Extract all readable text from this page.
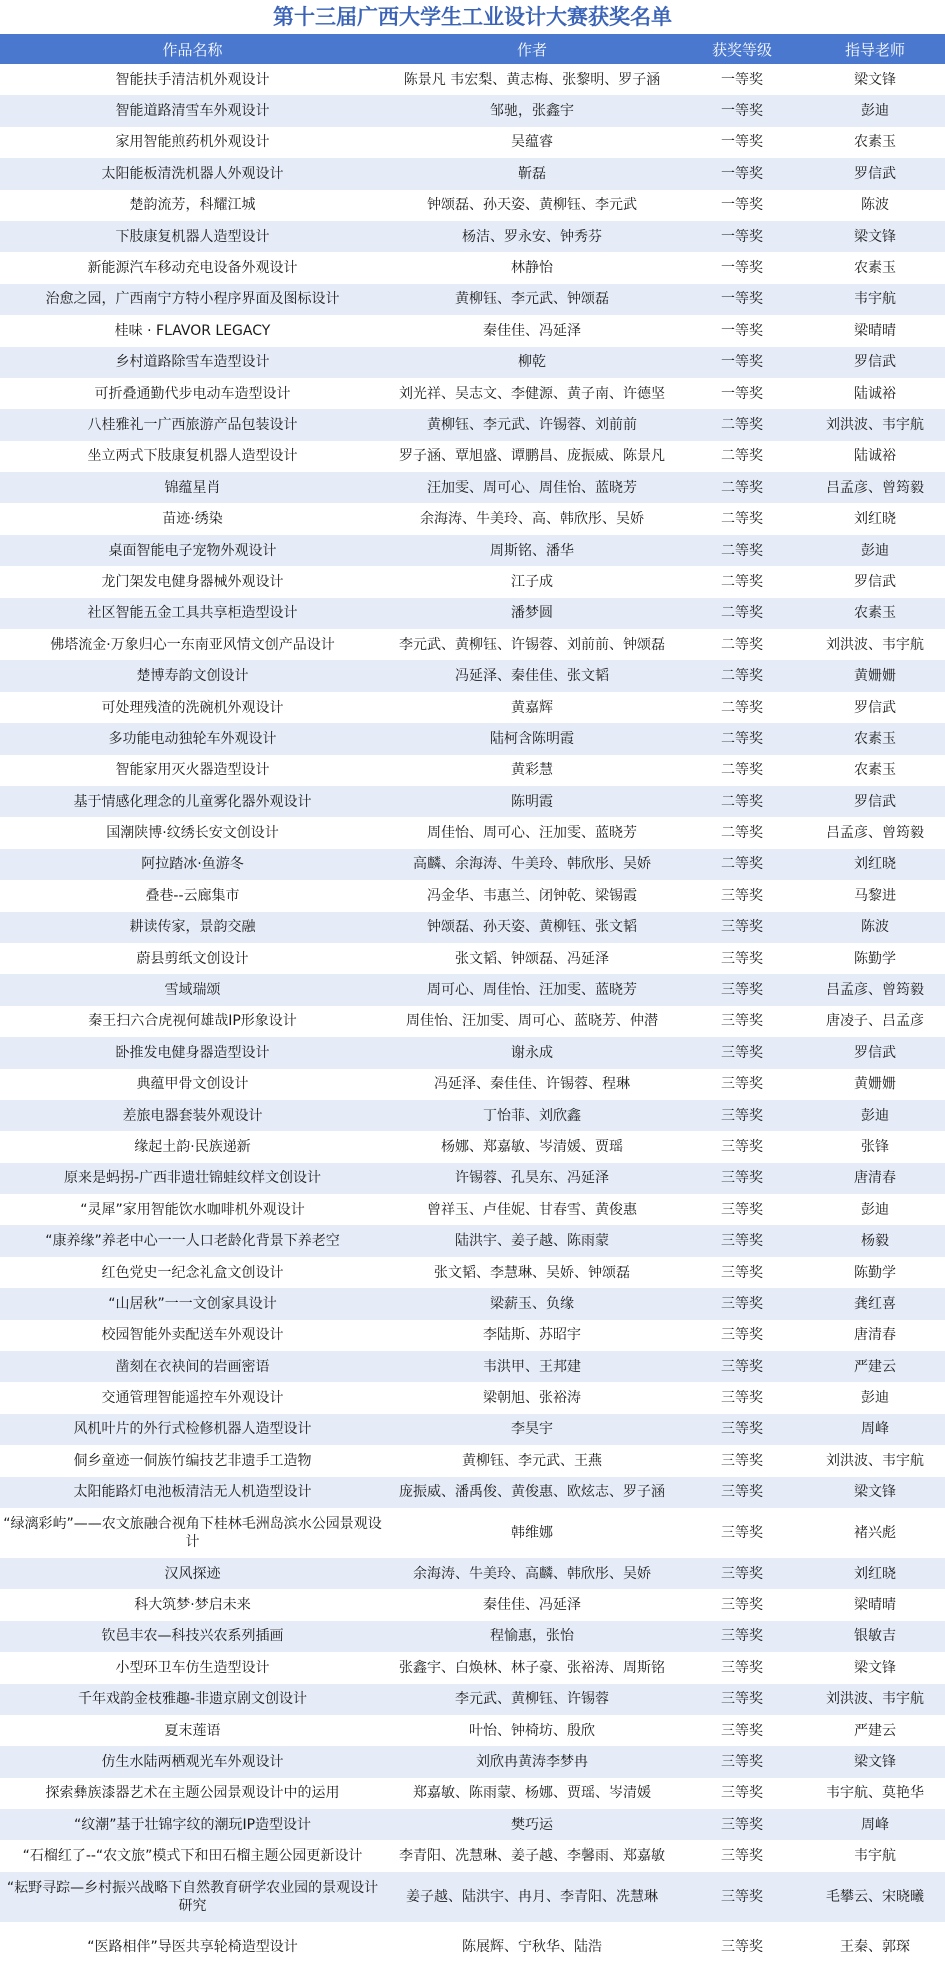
第十三届广西大学生工业设计大赛获奖名单
作品名称	作者	获奖等级	指导老师
智能扶手清洁机外观设计	陈景凡 韦宏梨、黄志梅、张黎明、罗子涵	一等奖	梁文锋
智能道路清雪车外观设计	邹驰，张鑫宇	一等奖	彭迪
家用智能煎药机外观设计	吴蕴睿	一等奖	农素玉
太阳能板清洗机器人外观设计	靳磊	一等奖	罗信武
楚韵流芳，科耀江城	钟颂磊、孙天姿、黄柳钰、李元武	一等奖	陈波
下肢康复机器人造型设计	杨洁、罗永安、钟秀芬	一等奖	梁文锋
新能源汽车移动充电设备外观设计	林静怡	一等奖	农素玉
治愈之园，广西南宁方特小程序界面及图标设计	黄柳钰、李元武、钟颂磊	一等奖	韦宇航
桂味 · FLAVOR LEGACY	秦佳佳、冯延泽	一等奖	梁晴晴
乡村道路除雪车造型设计	柳乾	一等奖	罗信武
可折叠通勤代步电动车造型设计	刘光祥、吴志文、李健源、黄子南、许德坚	一等奖	陆诚裕
八桂雅礼一广西旅游产品包装设计	黄柳钰、李元武、许锡蓉、刘前前	二等奖	刘洪波、韦宇航
坐立两式下肢康复机器人造型设计	罗子涵、覃旭盛、谭鹏昌、庞振威、陈景凡	二等奖	陆诚裕
锦蕴星肖	汪加雯、周可心、周佳怡、蓝晓芳	二等奖	吕孟彦、曾筠毅
苗迹·绣染	余海涛、牛美玲、高、韩欣彤、吴娇	二等奖	刘红晓
桌面智能电子宠物外观设计	周斯铭、潘华	二等奖	彭迪
龙门架发电健身器械外观设计	江子成	二等奖	罗信武
社区智能五金工具共享柜造型设计	潘梦圆	二等奖	农素玉
佛塔流金·万象归心一东南亚风情文创产品设计	李元武、黄柳钰、许锡蓉、刘前前、钟颂磊	二等奖	刘洪波、韦宇航
楚博寿韵文创设计	冯延泽、秦佳佳、张文韬	二等奖	黄姗姗
可处理残渣的洗碗机外观设计	黄嘉辉	二等奖	罗信武
多功能电动独轮车外观设计	陆柯含陈明霞	二等奖	农素玉
智能家用灭火器造型设计	黄彩慧	二等奖	农素玉
基于情感化理念的儿童雾化器外观设计	陈明霞	二等奖	罗信武
国潮陕博·纹绣长安文创设计	周佳怡、周可心、汪加雯、蓝晓芳	二等奖	吕孟彦、曾筠毅
阿拉踏冰·鱼游冬	高麟、余海涛、牛美玲、韩欣彤、吴娇	二等奖	刘红晓
叠巷--云廊集市	冯金华、韦惠兰、闭钟乾、梁锡霞	三等奖	马黎进
耕读传家，景韵交融	钟颂磊、孙天姿、黄柳钰、张文韬	三等奖	陈波
蔚县剪纸文创设计	张文韬、钟颂磊、冯延泽	三等奖	陈勤学
雪域瑞颂	周可心、周佳怡、汪加雯、蓝晓芳	三等奖	吕孟彦、曾筠毅
秦王扫六合虎视何雄哉IP形象设计	周佳怡、汪加雯、周可心、蓝晓芳、仲潜	三等奖	唐凌子、吕孟彦
卧推发电健身器造型设计	谢永成	三等奖	罗信武
典蕴甲骨文创设计	冯延泽、秦佳佳、许锡蓉、程琳	三等奖	黄姗姗
差旅电器套装外观设计	丁怡菲、刘欣鑫	三等奖	彭迪
缘起土韵·民族递新	杨娜、郑嘉敏、岑清媛、贾瑶	三等奖	张锋
原来是蚂拐-广西非遗壮锦蛙纹样文创设计	许锡蓉、孔昊东、冯延泽	三等奖	唐清春
“灵犀”家用智能饮水咖啡机外观设计	曾祥玉、卢佳妮、甘春雪、黄俊惠	三等奖	彭迪
“康养缘”养老中心一一人口老龄化背景下养老空	陆洪宇、姜子越、陈雨蒙	三等奖	杨毅
红色党史一纪念礼盒文创设计	张文韬、李慧琳、吴娇、钟颂磊	三等奖	陈勤学
“山居秋”一一文创家具设计	梁薪玉、负缘	三等奖	龚红喜
校园智能外卖配送车外观设计	李陆斯、苏昭宇	三等奖	唐清春
凿刻在衣袂间的岩画密语	韦洪甲、王邦建	三等奖	严建云
交通管理智能遥控车外观设计	梁朝旭、张裕涛	三等奖	彭迪
风机叶片的外行式检修机器人造型设计	李昊宇	三等奖	周峰
侗乡童迹一侗族竹编技艺非遗手工造物	黄柳钰、李元武、王燕	三等奖	刘洪波、韦宇航
太阳能路灯电池板清洁无人机造型设计	庞振威、潘禹俊、黄俊惠、欧炫志、罗子涵	三等奖	梁文锋
“绿漓彩屿”——农文旅融合视角下桂林毛洲岛滨水公园景观设计	韩维娜	三等奖	褚兴彪
汉风探迹	余海涛、牛美玲、高麟、韩欣彤、吴娇	三等奖	刘红晓
科大筑梦·梦启未来	秦佳佳、冯延泽	三等奖	梁晴晴
钦邑丰农—科技兴农系列插画	程愉惠，张怡	三等奖	银敏吉
小型环卫车仿生造型设计	张鑫宇、白焕林、林子豪、张裕涛、周斯铭	三等奖	梁文锋
千年戏韵金枝雅趣-非遗京剧文创设计	李元武、黄柳钰、许锡蓉	三等奖	刘洪波、韦宇航
夏末莲语	叶怡、钟椅坊、殷欣	三等奖	严建云
仿生水陆两栖观光车外观设计	刘欣冉黄涛李梦冉	三等奖	梁文锋
探索彝族漆器艺术在主题公园景观设计中的运用	郑嘉敏、陈雨蒙、杨娜、贾瑶、岑清媛	三等奖	韦宇航、莫艳华
“纹潮”基于壮锦字纹的潮玩IP造型设计	樊巧运	三等奖	周峰
“石榴红了--“农文旅”模式下和田石榴主题公园更新设计	李青阳、冼慧琳、姜子越、李馨雨、郑嘉敏	三等奖	韦宇航
“耘野寻踪—乡村振兴战略下自然教育研学农业园的景观设计研究	姜子越、陆洪宇、冉月、李青阳、冼慧琳	三等奖	毛攀云、宋晓曦
“医路相伴”导医共享轮椅造型设计	陈展辉、宁秋华、陆浩	三等奖	王秦、郭琛
